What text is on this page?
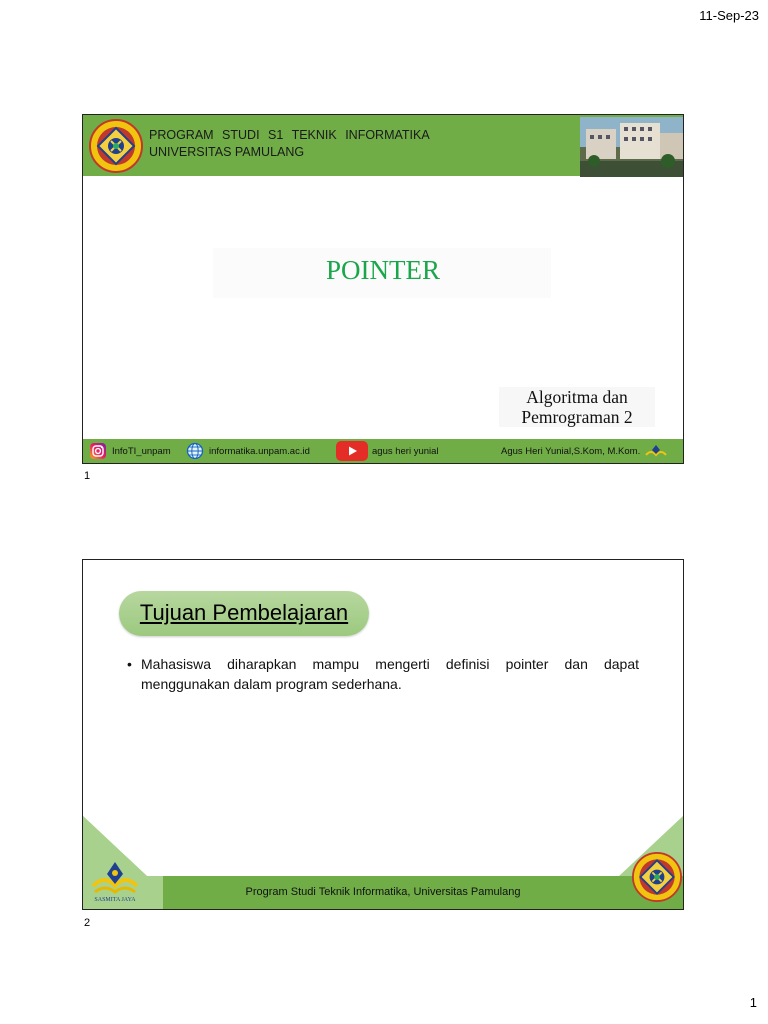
11-Sep-23
PROGRAM STUDI S1 TEKNIK INFORMATIKA
UNIVERSITAS PAMULANG
POINTER
Algoritma dan
Pemrograman 2
InfoTI_unpam	informatika.unpam.ac.id	agus heri yunial	Agus Heri Yunial,S.Kom, M.Kom.
1
Tujuan Pembelajaran
• Mahasiswa diharapkan mampu mengerti definisi pointer dan dapat menggunakan dalam program sederhana.
SASMITA JAYA
Program Studi Teknik Informatika, Universitas Pamulang
2
1
